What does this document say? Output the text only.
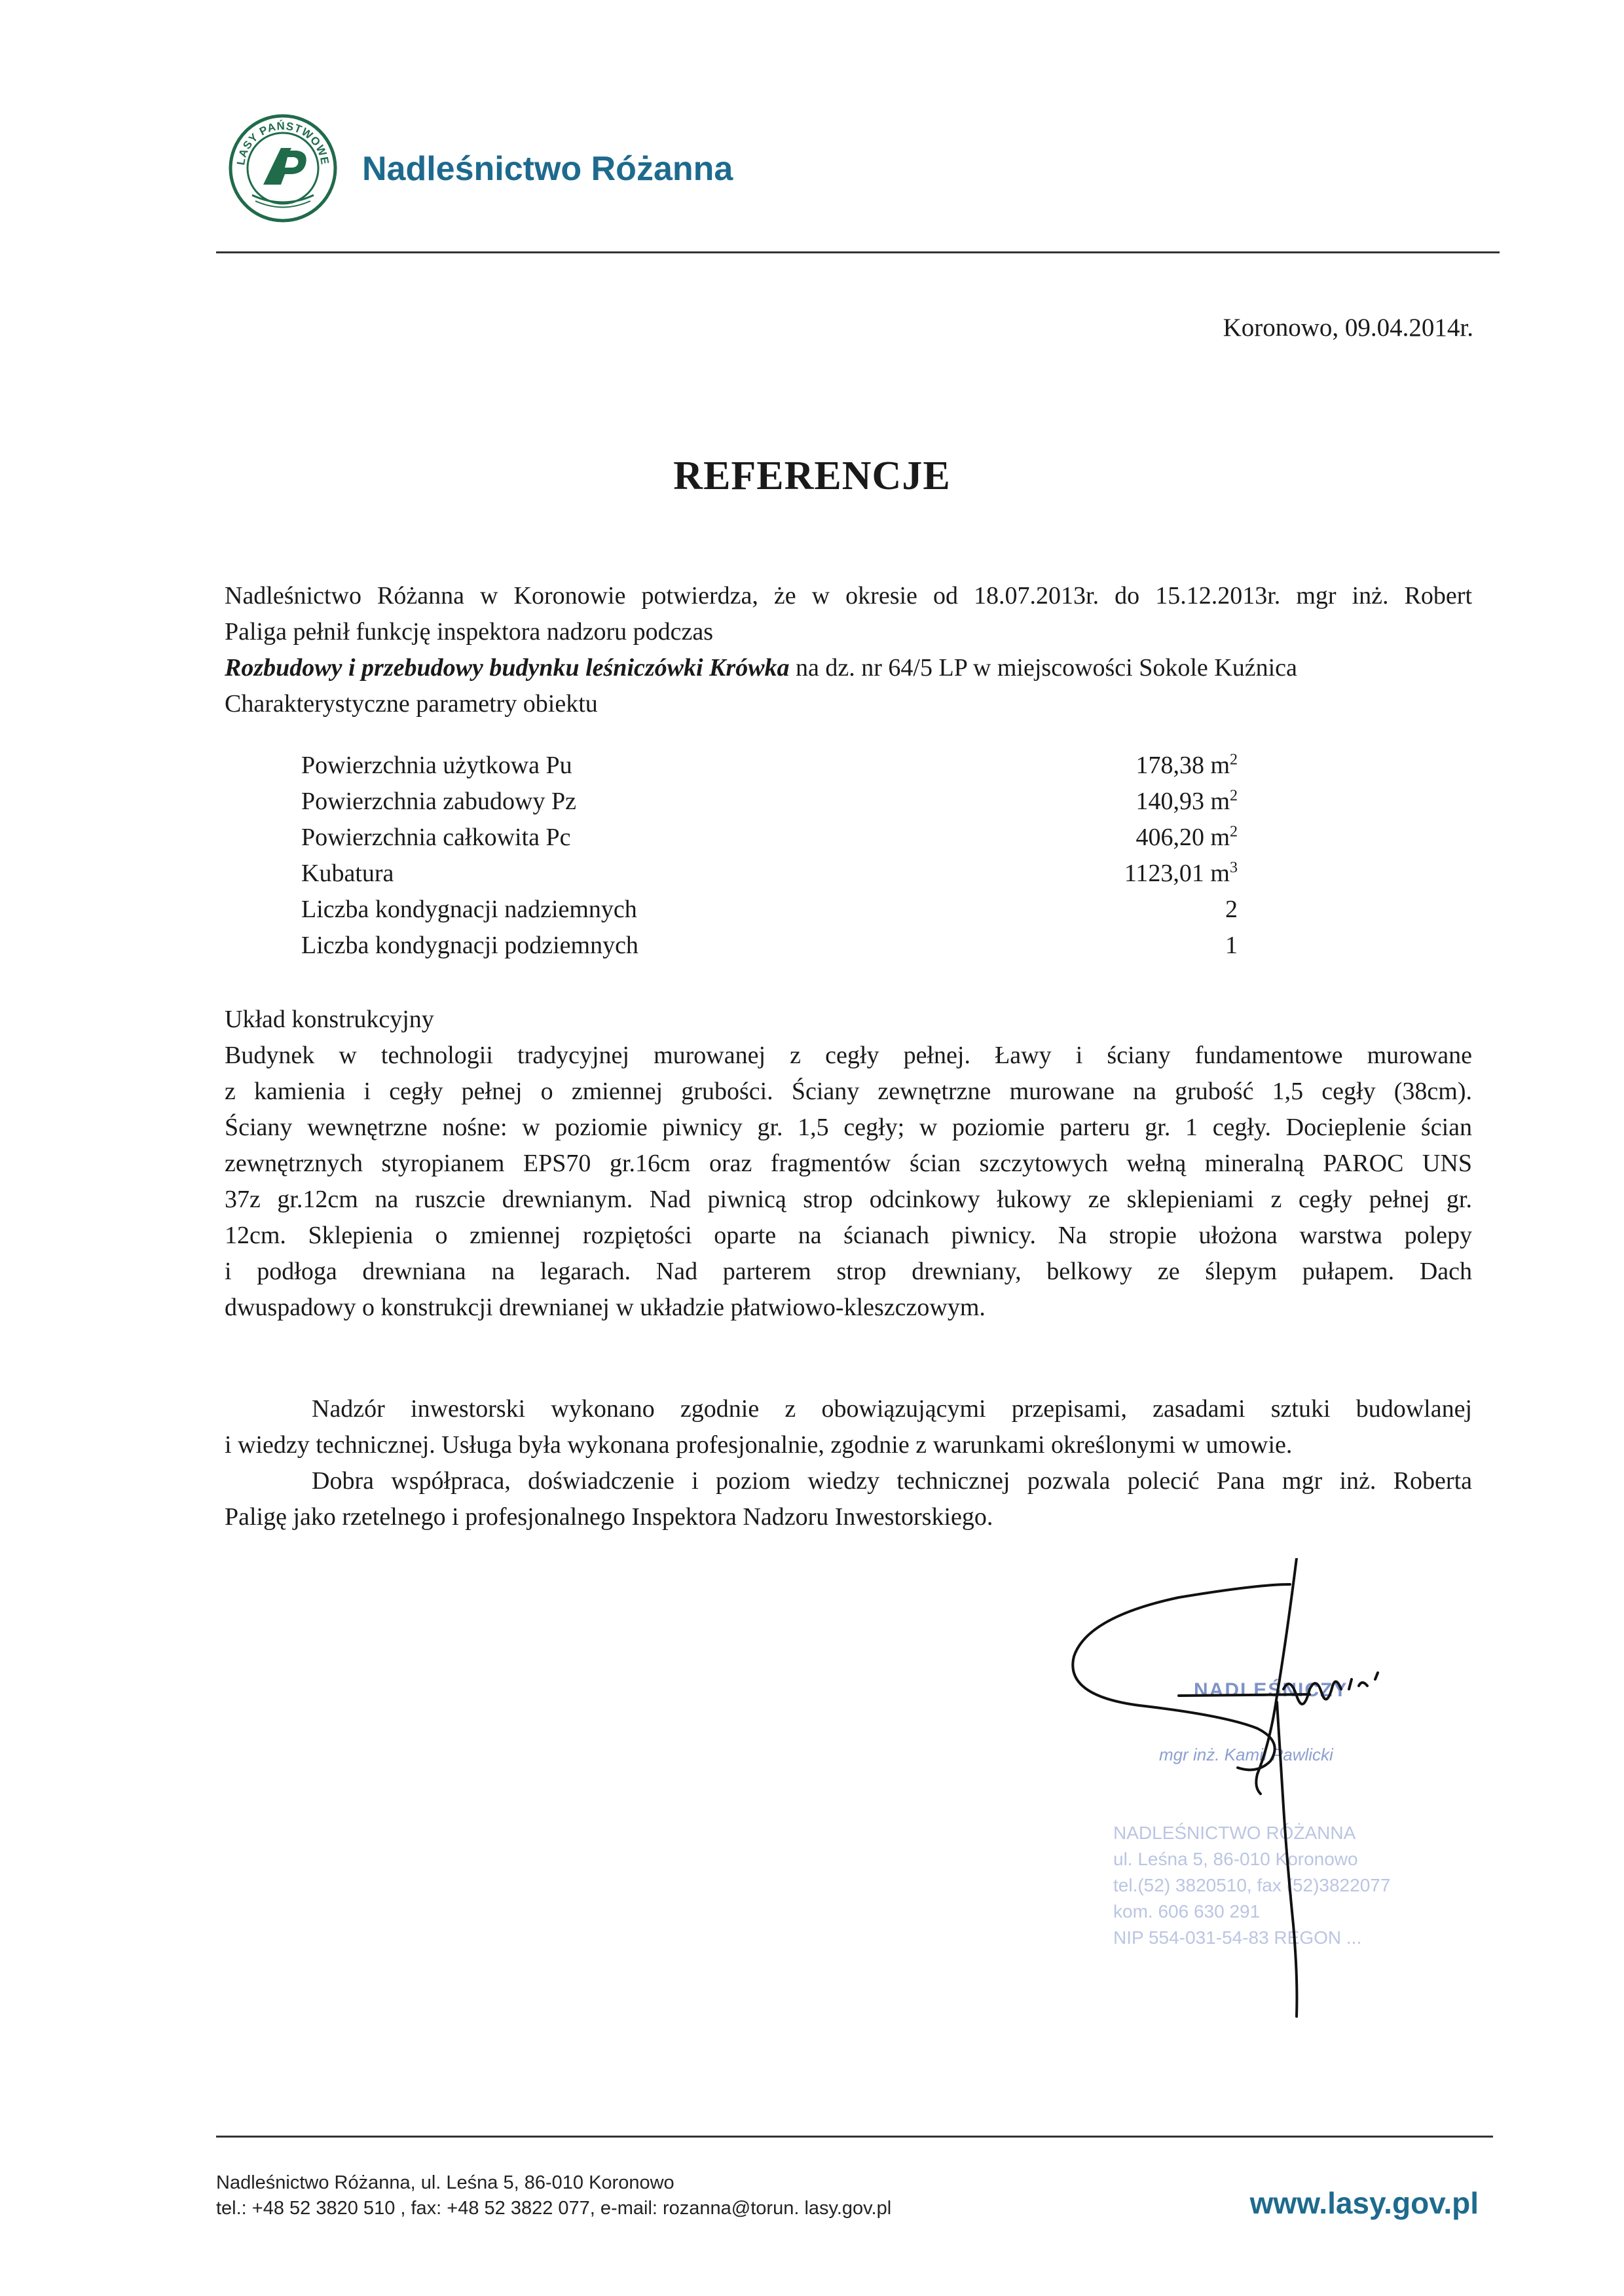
LASY PAŃSTWOWE Nadleśnictwo Różanna
Koronowo, 09.04.2014r.
REFERENCJE
Nadleśnictwo Różanna w Koronowie potwierdza, że w okresie od 18.07.2013r. do 15.12.2013r. mgr inż. Robert
Paliga pełnił funkcję inspektora nadzoru podczas
Rozbudowy i przebudowy budynku leśniczówki Krówka na dz. nr 64/5 LP w miejscowości Sokole Kuźnica
Charakterystyczne parametry obiektu
Powierzchnia użytkowa Pu	178,38 $m^2$
Powierzchnia zabudowy Pz	140,93 $m^2$
Powierzchnia całkowita Pc	406,20 $m^2$
Kubatura	1123,01 $m^3$
Liczba kondygnacji nadziemnych	2
Liczba kondygnacji podziemnych	1
Układ konstrukcyjny
Budynek w technologii tradycyjnej murowanej z cegły pełnej. Ławy i ściany fundamentowe murowane
z kamienia i cegły pełnej o zmiennej grubości. Ściany zewnętrzne murowane na grubość 1,5 cegły (38cm).
Ściany wewnętrzne nośne: w poziomie piwnicy gr. 1,5 cegły; w poziomie parteru gr. 1 cegły. Docieplenie ścian
zewnętrznych styropianem EPS70 gr.16cm oraz fragmentów ścian szczytowych wełną mineralną PAROC UNS
37z gr.12cm na ruszcie drewnianym. Nad piwnicą strop odcinkowy łukowy ze sklepieniami z cegły pełnej gr.
12cm. Sklepienia o zmiennej rozpiętości oparte na ścianach piwnicy. Na stropie ułożona warstwa polepy
i podłoga drewniana na legarach. Nad parterem strop drewniany, belkowy ze ślepym pułapem. Dach
dwuspadowy o konstrukcji drewnianej w układzie płatwiowo-kleszczowym.
Nadzór inwestorski wykonano zgodnie z obowiązującymi przepisami, zasadami sztuki budowlanej
i wiedzy technicznej. Usługa była wykonana profesjonalnie, zgodnie z warunkami określonymi w umowie.
Dobra współpraca, doświadczenie i poziom wiedzy technicznej pozwala polecić Pana mgr inż. Roberta
Paligę jako rzetelnego i profesjonalnego Inspektora Nadzoru Inwestorskiego.
NADLEŚNICZY
mgr inż. Kamil Pawlicki
NADLEŚNICTWO RÓŻANNA
ul. Leśna 5, 86-010 Koronowo
tel.(52) 3820510, fax (52)3822077
kom. 606 630 291
NIP 554-031-54-83 REGON ...
Nadleśnictwo Różanna, ul. Leśna 5, 86-010 Koronowo
tel.: +48 52 3820 510 , fax: +48 52 3822 077, e-mail: rozanna@torun. lasy.gov.pl	www.lasy.gov.pl
